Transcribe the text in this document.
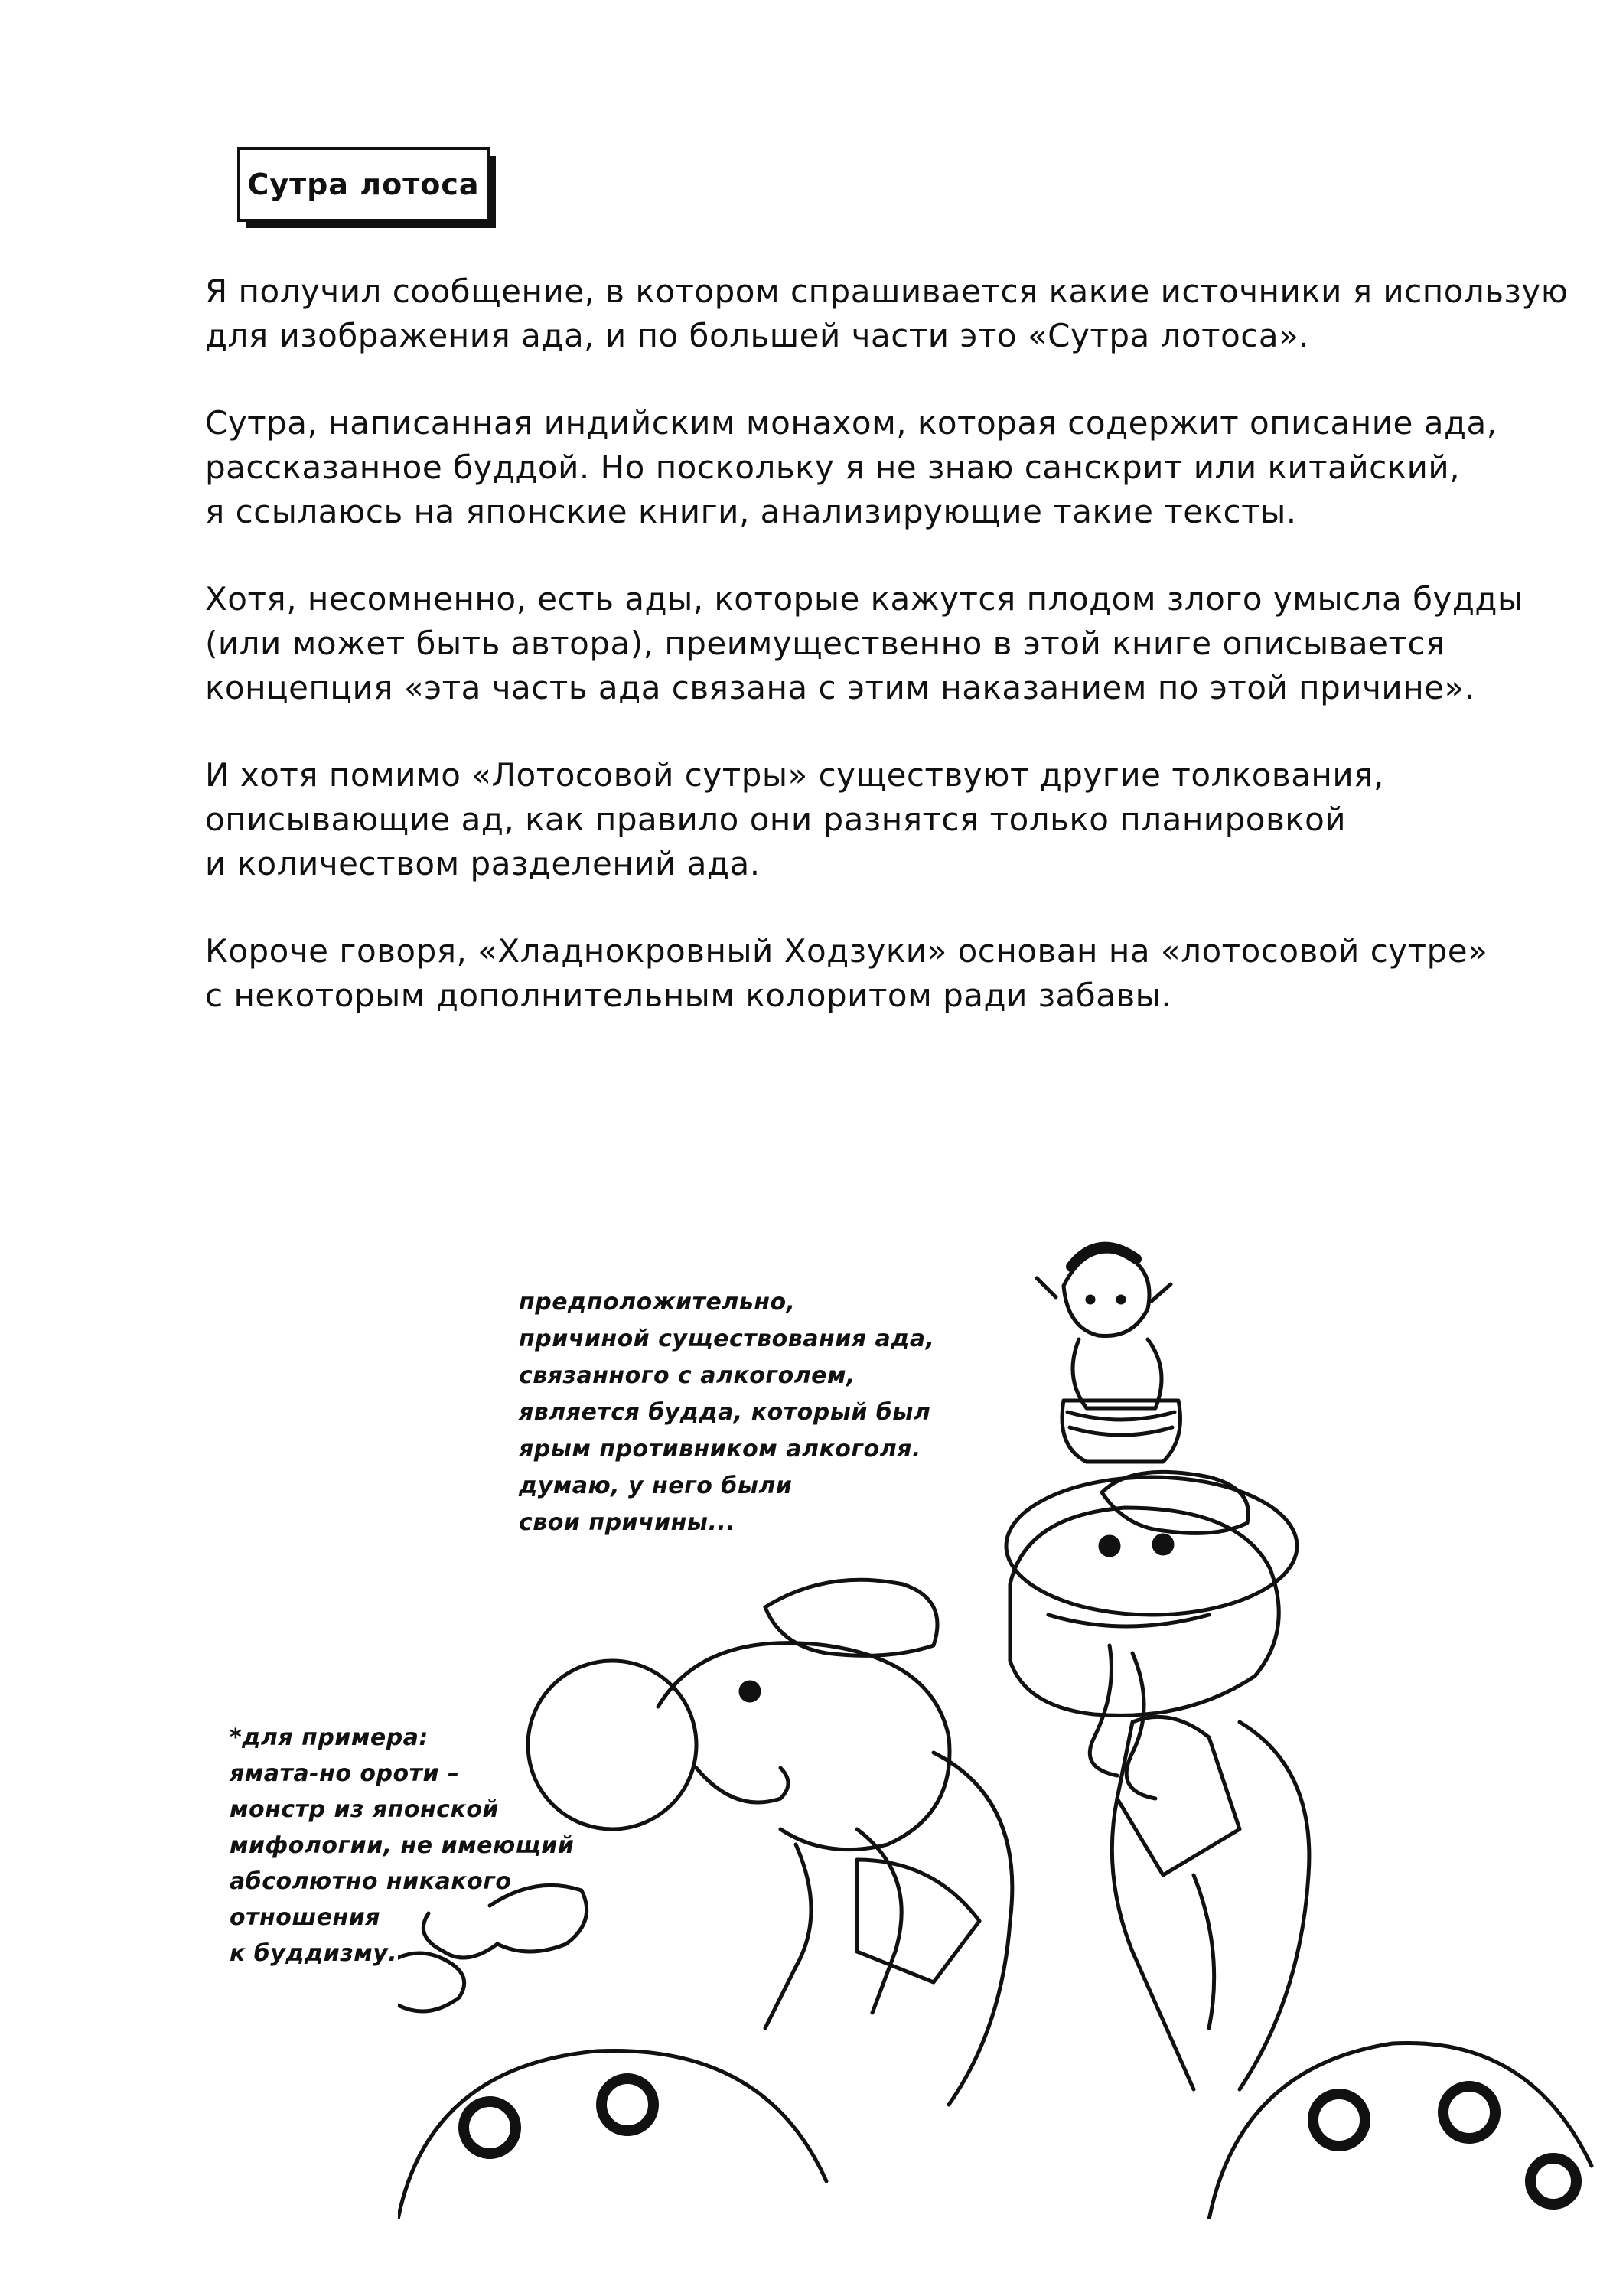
Сутра лотоса

Я получил сообщение, в котором спрашивается какие источники я использую
для изображения ада, и по большей части это «Сутра лотоса».

Сутра, написанная индийским монахом, которая содержит описание ада,
рассказанное буддой. Но поскольку я не знаю санскрит или китайский,
я ссылаюсь на японские книги, анализирующие такие тексты.

Хотя, несомненно, есть ады, которые кажутся плодом злого умысла будды
(или может быть автора), преимущественно в этой книге описывается
концепция «эта часть ада связана с этим наказанием по этой причине».

И хотя помимо «Лотосовой сутры» существуют другие толкования,
описывающие ад, как правило они разнятся только планировкой
и количеством разделений ада.

Короче говоря, «Хладнокровный Ходзуки» основан на «лотосовой сутре»
с некоторым дополнительным колоритом ради забавы.

предположительно,
причиной существования ада,
связанного с алкоголем,
является будда, который был
ярым противником алкоголя.
думаю, у него были
свои причины...
*для примера:
ямата-но ороти –
монстр из японской
мифологии, не имеющий
абсолютно никакого
отношения
к буддизму.
